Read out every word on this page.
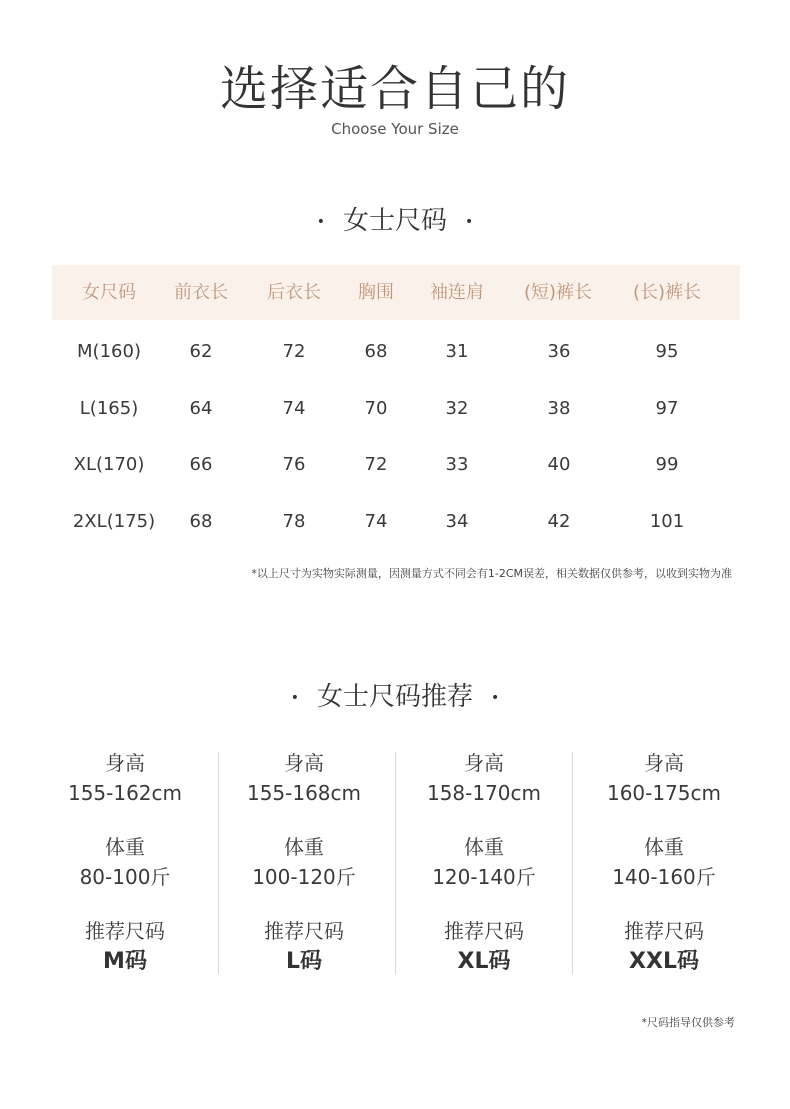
选择适合自己的
Choose Your Size
• 女士尺码 •
女尺码 前衣长 后衣长 胸围 袖连肩 (短)裤长 (长)裤长
M(160)	62	72	68	31	36	95
L(165)	64	74	70	32	38	97
XL(170)	66	76	72	33	40	99
2XL(175) 68	78	74	34	42	101
*以上尺寸为实物实际测量，因测量方式不同会有1-2CM误差，相关数据仅供参考，以收到实物为准
• 女士尺码推荐 •
身高
155-162cm
体重
80-100斤
推荐尺码
M码
身高
155-168cm
体重
100-120斤
推荐尺码
L码
身高
158-170cm
体重
120-140斤
推荐尺码
XL码
身高
160-175cm
体重
140-160斤
推荐尺码
XXL码
*尺码指导仅供参考
